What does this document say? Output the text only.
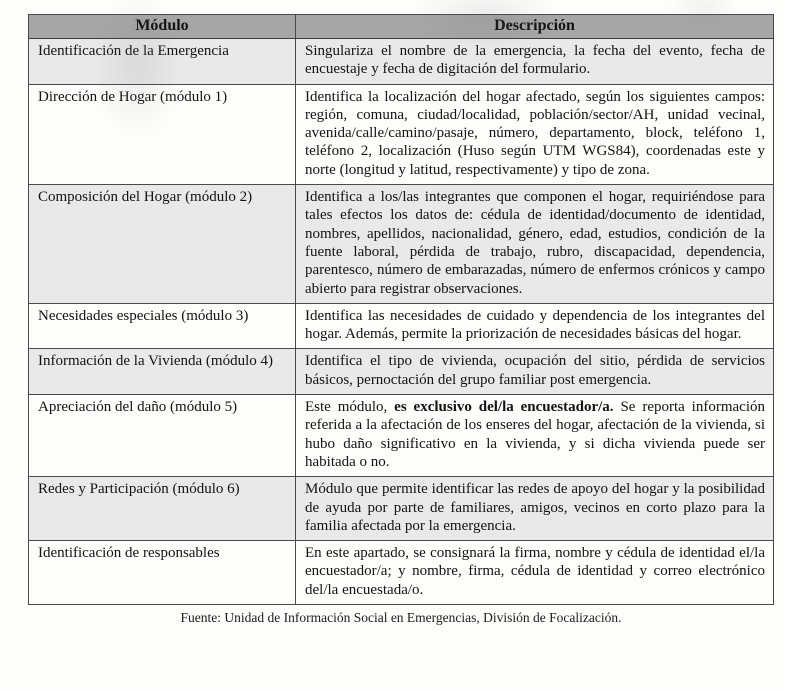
Módulo	Descripción
Identificación de la Emergencia	Singulariza el nombre de la emergencia, la fecha del evento, fecha de encuestaje y fecha de digitación del formulario.
Dirección de Hogar (módulo 1)	Identifica la localización del hogar afectado, según los siguientes campos: región, comuna, ciudad/localidad, población/sector/AH, unidad vecinal, avenida/calle/camino/pasaje, número, departamento, block, teléfono 1, teléfono 2, localización (Huso según UTM WGS84), coordenadas este y norte (longitud y latitud, respectivamente) y tipo de zona.
Composición del Hogar (módulo 2)	Identifica a los/las integrantes que componen el hogar, requiriéndose para tales efectos los datos de: cédula de identidad/documento de identidad, nombres, apellidos, nacionalidad, género, edad, estudios, condición de la fuente laboral, pérdida de trabajo, rubro, discapacidad, dependencia, parentesco, número de embarazadas, número de enfermos crónicos y campo abierto para registrar observaciones.
Necesidades especiales (módulo 3)	Identifica las necesidades de cuidado y dependencia de los integrantes del hogar. Además, permite la priorización de necesidades básicas del hogar.
Información de la Vivienda (módulo 4)	Identifica el tipo de vivienda, ocupación del sitio, pérdida de servicios básicos, pernoctación del grupo familiar post emergencia.
Apreciación del daño (módulo 5)	Este módulo, es exclusivo del/la encuestador/a. Se reporta información referida a la afectación de los enseres del hogar, afectación de la vivienda, si hubo daño significativo en la vivienda, y si dicha vivienda puede ser habitada o no.
Redes y Participación (módulo 6)	Módulo que permite identificar las redes de apoyo del hogar y la posibilidad de ayuda por parte de familiares, amigos, vecinos en corto plazo para la familia afectada por la emergencia.
Identificación de responsables	En este apartado, se consignará la firma, nombre y cédula de identidad el/la encuestador/a; y nombre, firma, cédula de identidad y correo electrónico del/la encuestada/o.
Fuente: Unidad de Información Social en Emergencias, División de Focalización.
